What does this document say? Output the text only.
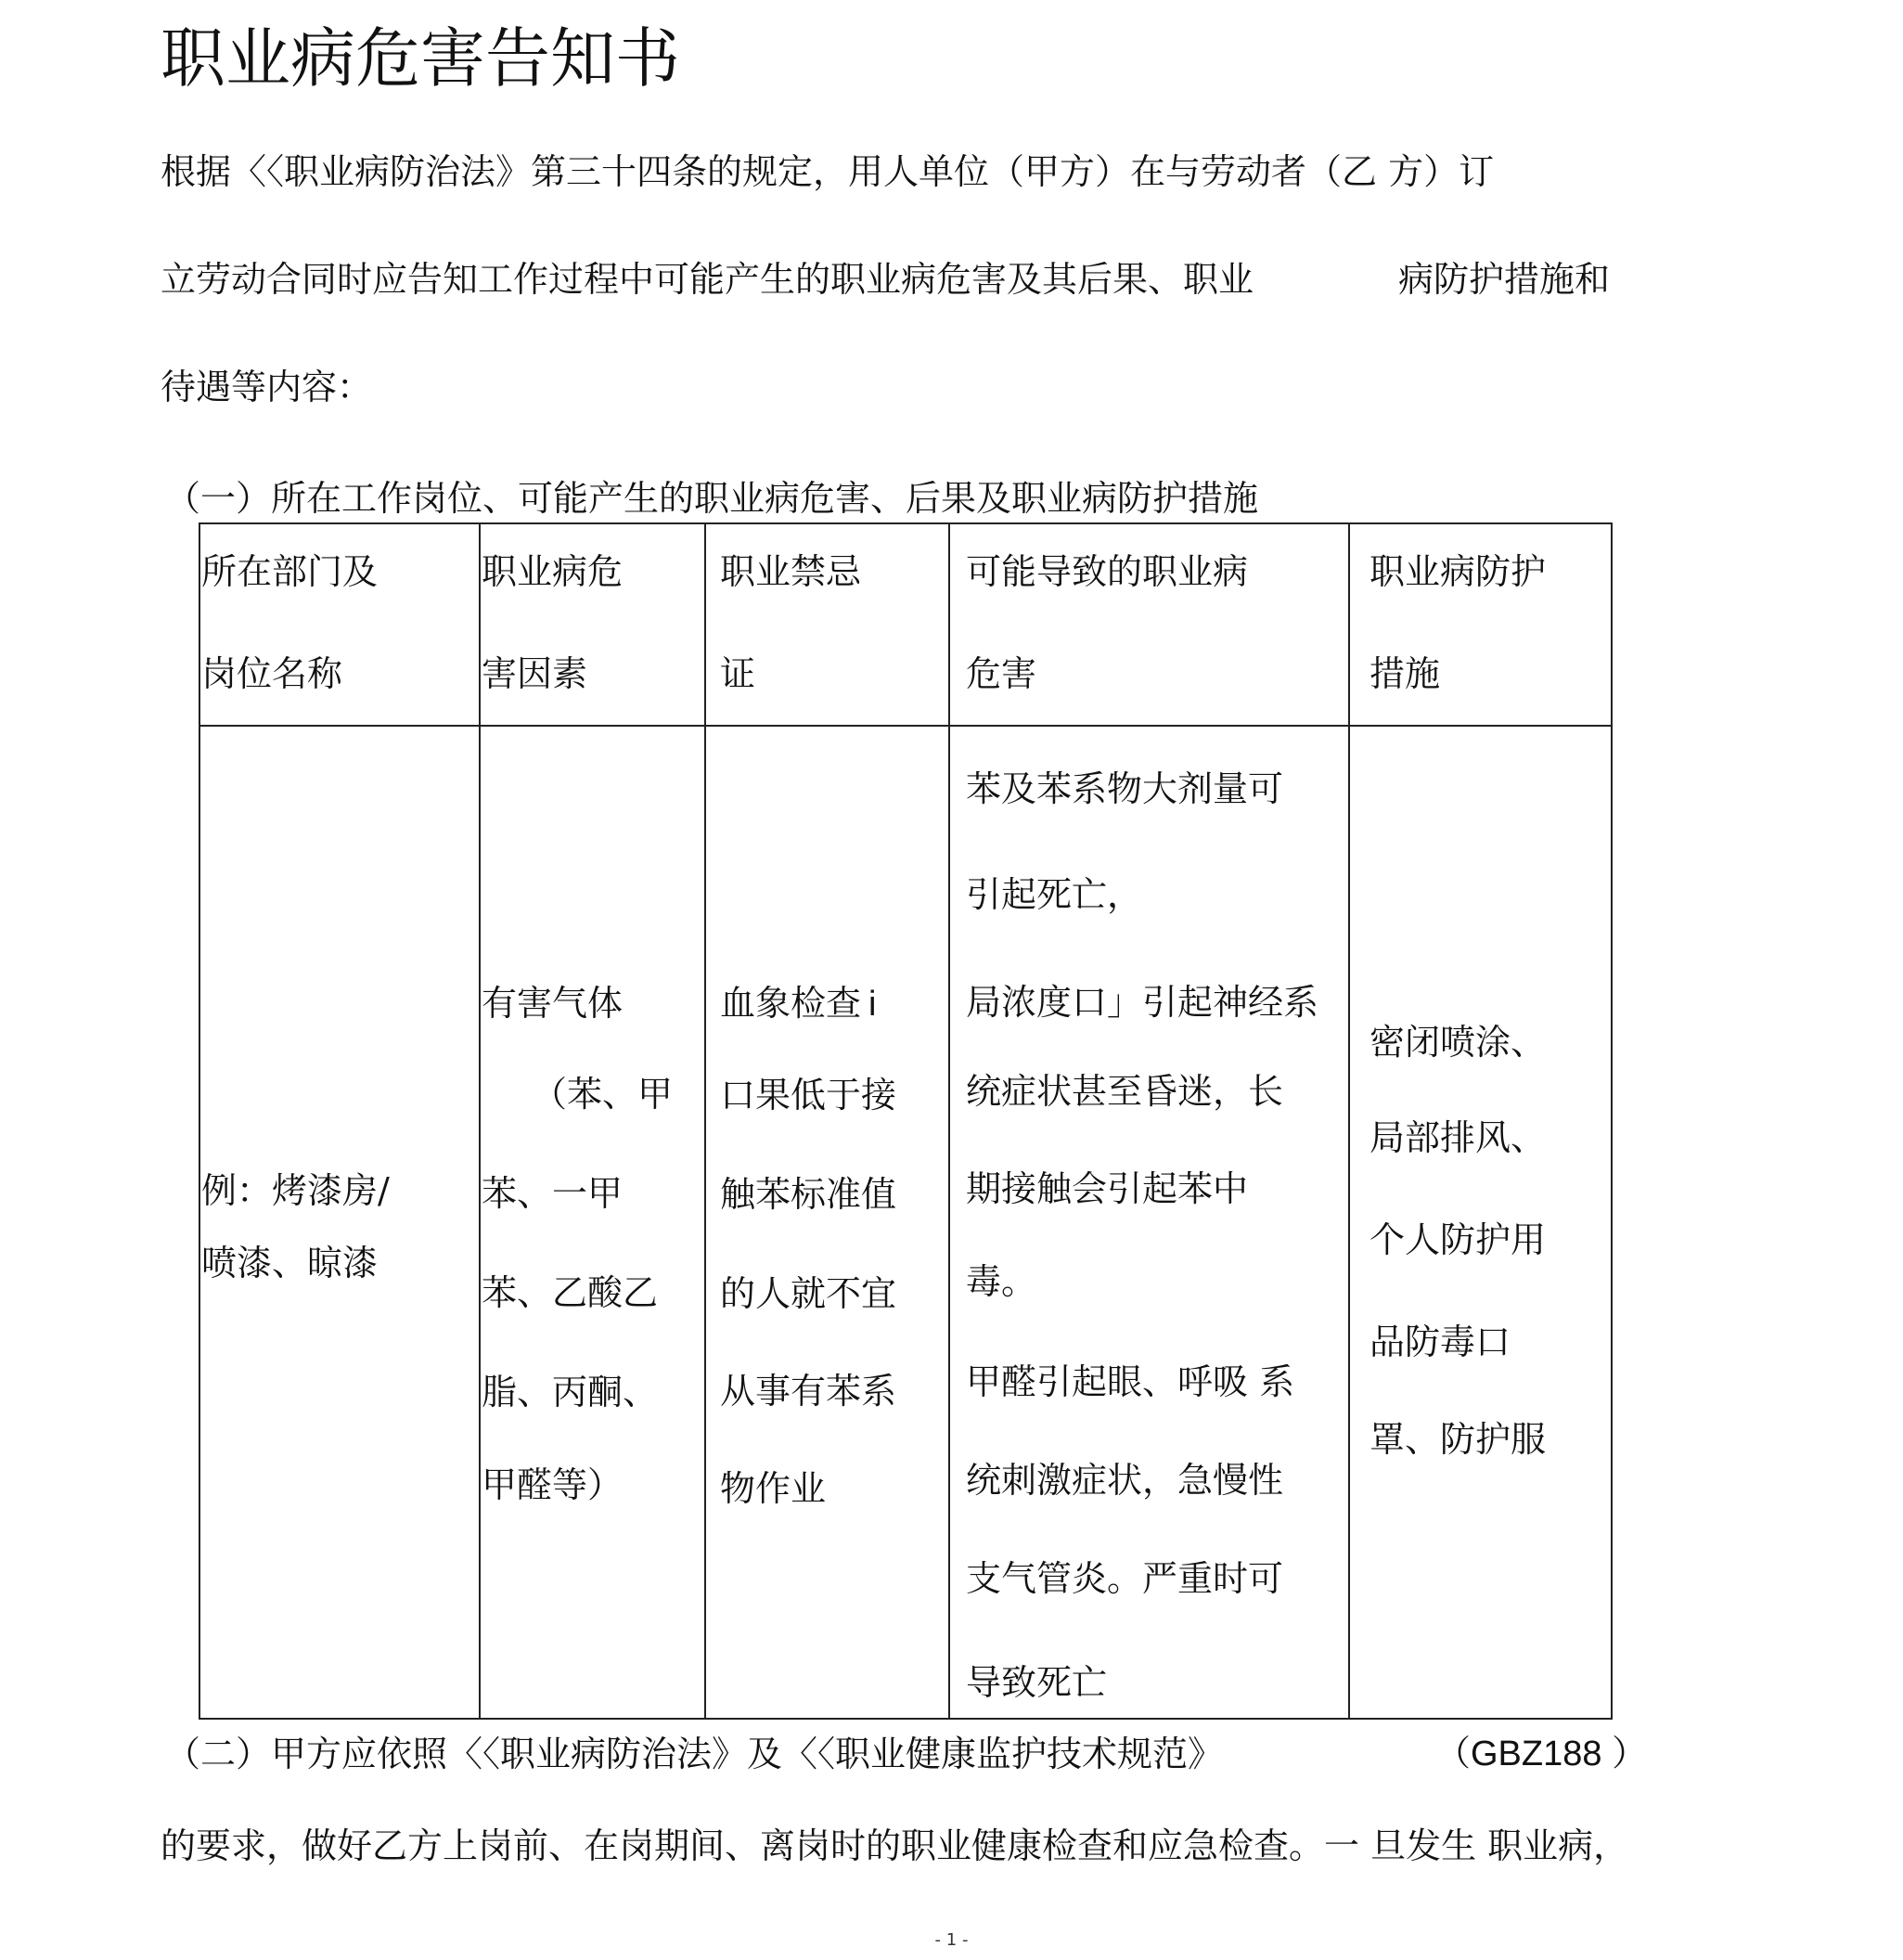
职业病危害告知书
根据〈〈职业病防治法》第三十四条的规定，用人单位（甲方）在与劳动者（乙 方）订
立劳动合同时应告知工作过程中可能产生的职业病危害及其后果、职业	病防护措施和
待遇等内容：
（一）所在工作岗位、可能产生的职业病危害、后果及职业病防护措施
所在部门及
岗位名称
职业病危
害因素
职业禁忌
证
可能导致的职业病
危害
职业病防护
措施
例：烤漆房/
喷漆、晾漆
有害气体
（苯、甲
苯、一甲
苯、乙酸乙
脂、丙酮、
甲醛等）
血象检查 i
口果低于接
触苯标准值
的人就不宜
从事有苯系
物作业
苯及苯系物大剂量可
引起死亡，
局浓度口」引起神经系
统症状甚至昏迷，长
期接触会引起苯中
毒。
甲醛引起眼、呼吸 系
统刺激症状，急慢性
支气管炎。严重时可
导致死亡
密闭喷涂、
局部排风、
个人防护用
品防毒口
罩、防护服
（二）甲方应依照〈〈职业病防治法》及〈〈职业健康监护技术规范》	（GBZ188 ）
的要求，做好乙方上岗前、在岗期间、离岗时的职业健康检查和应急检查。一 旦发生 职业病，
- 1 -
